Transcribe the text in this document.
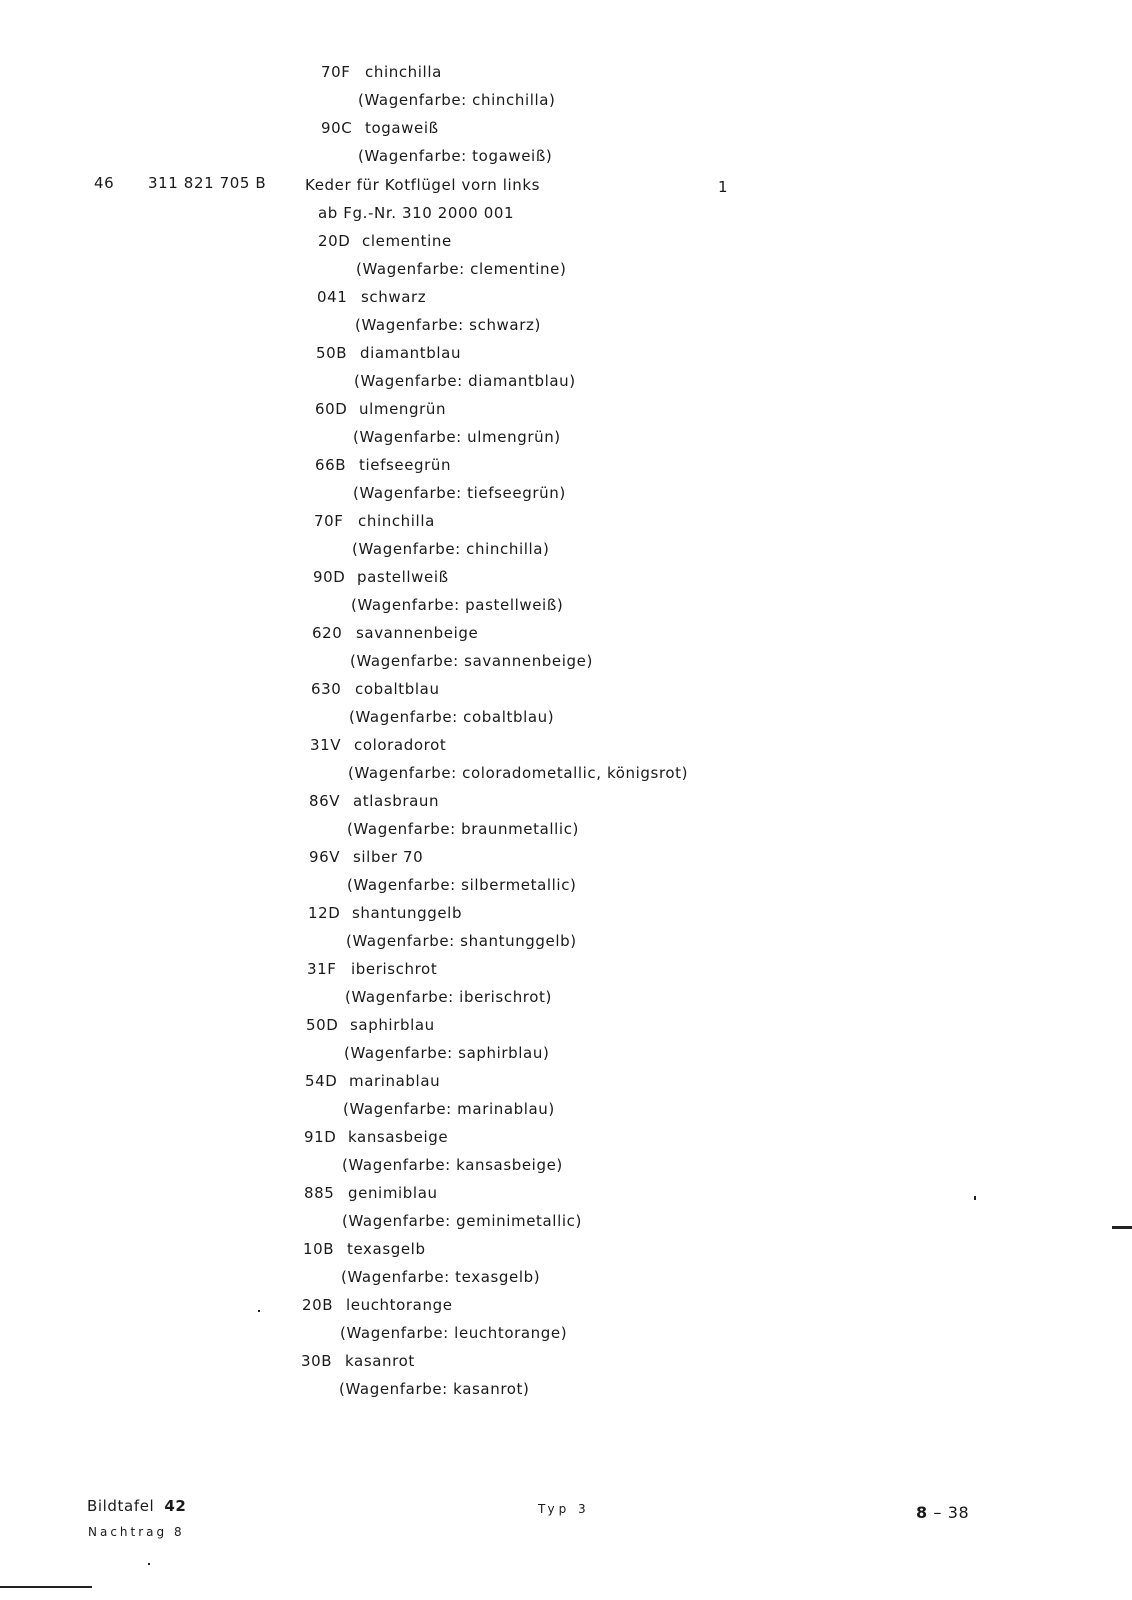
70F chinchilla
(Wagenfarbe: chinchilla)
90C togaweiß
(Wagenfarbe: togaweiß)
46 311 821 705 B	Keder für Kotflügel vorn links	1
ab Fg.-Nr. 310 2000 001
20D clementine
(Wagenfarbe: clementine)
041 schwarz
(Wagenfarbe: schwarz)
50B diamantblau
(Wagenfarbe: diamantblau)
60D ulmengrün
(Wagenfarbe: ulmengrün)
66B tiefseegrün
(Wagenfarbe: tiefseegrün)
70F chinchilla
(Wagenfarbe: chinchilla)
90D pastellweiß
(Wagenfarbe: pastellweiß)
620 savannenbeige
(Wagenfarbe: savannenbeige)
630 cobaltblau
(Wagenfarbe: cobaltblau)
31V coloradorot
(Wagenfarbe: coloradometallic, königsrot)
86V atlasbraun
(Wagenfarbe: braunmetallic)
96V silber 70
(Wagenfarbe: silbermetallic)
12D shantunggelb
(Wagenfarbe: shantunggelb)
31F iberischrot
(Wagenfarbe: iberischrot)
50D saphirblau
(Wagenfarbe: saphirblau)
54D marinablau
(Wagenfarbe: marinablau)
91D kansasbeige
(Wagenfarbe: kansasbeige)
885 genimiblau
(Wagenfarbe: geminimetallic)
10B texasgelb
(Wagenfarbe: texasgelb)
20B leuchtorange
(Wagenfarbe: leuchtorange)
30B kasanrot
(Wagenfarbe: kasanrot)
Bildtafel 42
Nachtrag 8
Typ 3	8 – 38
